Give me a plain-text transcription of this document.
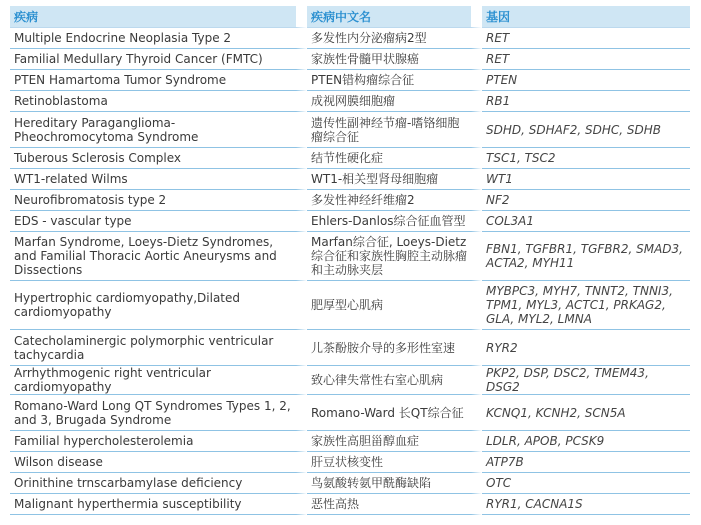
疾病	疾病中文名	基因
Multiple Endocrine Neoplasia Type 2	多发性内分泌瘤病2型	RET
Familial Medullary Thyroid Cancer (FMTC)	家族性骨髓甲状腺癌	RET
PTEN Hamartoma Tumor Syndrome	PTEN错构瘤综合征	PTEN
Retinoblastoma	成视网膜细胞瘤	RB1
Hereditary Paraganglioma- Pheochromocytoma Syndrome	遗传性副神经节瘤-嗜铬细胞瘤综合征	SDHD, SDHAF2, SDHC, SDHB
Tuberous Sclerosis Complex	结节性硬化症	TSC1, TSC2
WT1-related Wilms	WT1-相关型肾母细胞瘤	WT1
Neurofibromatosis type 2	多发性神经纤维瘤2	NF2
EDS - vascular type	Ehlers-Danlos综合征血管型	COL3A1
Marfan Syndrome, Loeys-Dietz Syndromes, and Familial Thoracic Aortic Aneurysms and Dissections	Marfan综合征, Loeys-Dietz综合征和家族性胸腔主动脉瘤和主动脉夹层	FBN1, TGFBR1, TGFBR2, SMAD3, ACTA2, MYH11
Hypertrophic cardiomyopathy,Dilated cardiomyopathy	肥厚型心肌病	MYBPC3, MYH7, TNNT2, TNNI3, TPM1, MYL3, ACTC1, PRKAG2, GLA, MYL2, LMNA
Catecholaminergic polymorphic ventricular tachycardia	儿茶酚胺介导的多形性室速	RYR2
Arrhythmogenic right ventricular cardiomyopathy	致心律失常性右室心肌病	PKP2, DSP, DSC2, TMEM43, DSG2
Romano-Ward Long QT Syndromes Types 1, 2, and 3, Brugada Syndrome	Romano-Ward 长QT综合征	KCNQ1, KCNH2, SCN5A
Familial hypercholesterolemia	家族性高胆甾醇血症	LDLR, APOB, PCSK9
Wilson disease	肝豆状核变性	ATP7B
Orinithine trnscarbamylase deficiency	鸟氨酸转氨甲酰酶缺陷	OTC
Malignant hyperthermia susceptibility	恶性高热	RYR1, CACNA1S
